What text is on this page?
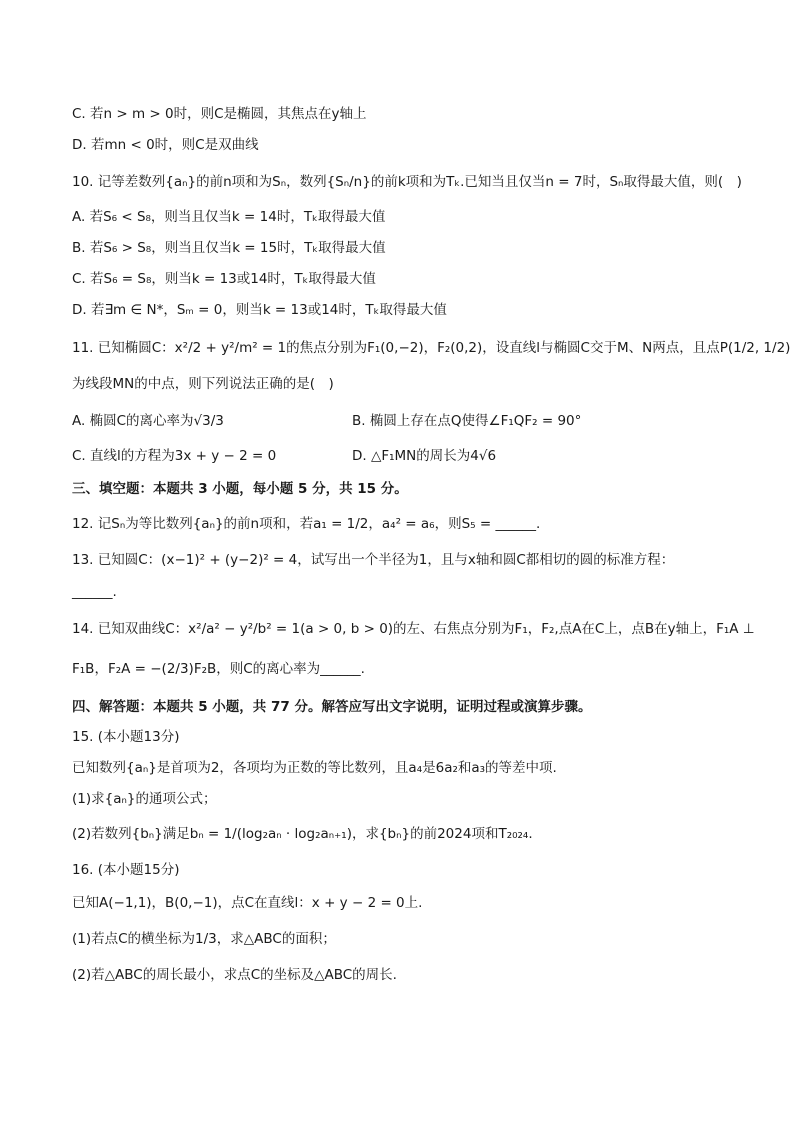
C. 若n > m > 0时，则C是椭圆，其焦点在y轴上
D. 若mn < 0时，则C是双曲线
10. 记等差数列{aₙ}的前n项和为Sₙ，数列{Sₙ/n}的前k项和为Tₖ.已知当且仅当n = 7时，Sₙ取得最大值，则(　)
A. 若S₆ < S₈，则当且仅当k = 14时，Tₖ取得最大值
B. 若S₆ > S₈，则当且仅当k = 15时，Tₖ取得最大值
C. 若S₆ = S₈，则当k = 13或14时，Tₖ取得最大值
D. 若∃m ∈ N*，Sₘ = 0，则当k = 13或14时，Tₖ取得最大值
11. 已知椭圆C：x²/2 + y²/m² = 1的焦点分别为F₁(0,−2)，F₂(0,2)，设直线l与椭圆C交于M、N两点，且点P(1/2, 1/2)
为线段MN的中点，则下列说法正确的是(　)
A. 椭圆C的离心率为√3/3	B. 椭圆上存在点Q使得∠F₁QF₂ = 90°
C. 直线l的方程为3x + y − 2 = 0	D. △F₁MN的周长为4√6
三、填空题：本题共 3 小题，每小题 5 分，共 15 分。
12. 记Sₙ为等比数列{aₙ}的前n项和，若a₁ = 1/2，a₄² = a₆，则S₅ = ______.
13. 已知圆C：(x−1)² + (y−2)² = 4，试写出一个半径为1，且与x轴和圆C都相切的圆的标准方程：
______.
14. 已知双曲线C：x²/a² − y²/b² = 1(a > 0, b > 0)的左、右焦点分别为F₁，F₂,点A在C上，点B在y轴上，F₁A ⊥
F₁B，F₂A = −(2/3)F₂B，则C的离心率为______.
四、解答题：本题共 5 小题，共 77 分。解答应写出文字说明，证明过程或演算步骤。
15. (本小题13分)
已知数列{aₙ}是首项为2，各项均为正数的等比数列，且a₄是6a₂和a₃的等差中项.
(1)求{aₙ}的通项公式；
(2)若数列{bₙ}满足bₙ = 1/(log₂aₙ · log₂aₙ₊₁)，求{bₙ}的前2024项和T₂₀₂₄.
16. (本小题15分)
已知A(−1,1)，B(0,−1)，点C在直线l：x + y − 2 = 0上.
(1)若点C的横坐标为1/3，求△ABC的面积；
(2)若△ABC的周长最小，求点C的坐标及△ABC的周长.
